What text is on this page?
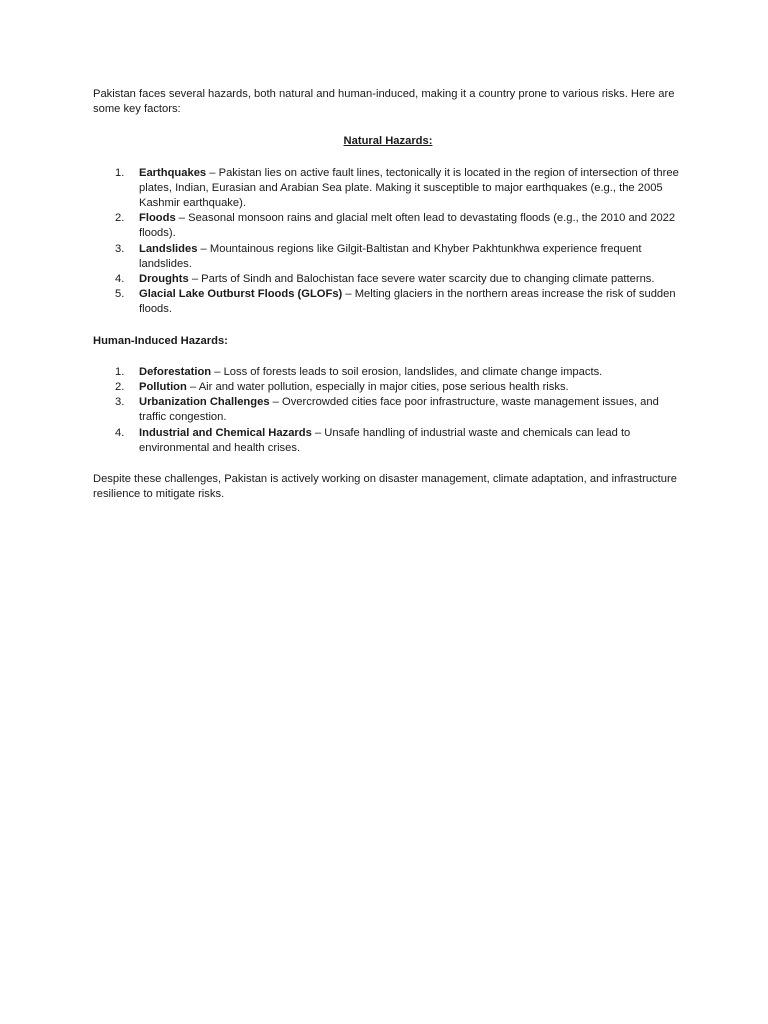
Pakistan faces several hazards, both natural and human-induced, making it a country prone to various risks. Here are some key factors:

Natural Hazards:

1. Earthquakes – Pakistan lies on active fault lines, tectonically it is located in the region of intersection of three plates, Indian, Eurasian and Arabian Sea plate. Making it susceptible to major earthquakes (e.g., the 2005 Kashmir earthquake).
2. Floods – Seasonal monsoon rains and glacial melt often lead to devastating floods (e.g., the 2010 and 2022 floods).
3. Landslides – Mountainous regions like Gilgit-Baltistan and Khyber Pakhtunkhwa experience frequent landslides.
4. Droughts – Parts of Sindh and Balochistan face severe water scarcity due to changing climate patterns.
5. Glacial Lake Outburst Floods (GLOFs) – Melting glaciers in the northern areas increase the risk of sudden floods.

Human-Induced Hazards:

1. Deforestation – Loss of forests leads to soil erosion, landslides, and climate change impacts.
2. Pollution – Air and water pollution, especially in major cities, pose serious health risks.
3. Urbanization Challenges – Overcrowded cities face poor infrastructure, waste management issues, and traffic congestion.
4. Industrial and Chemical Hazards – Unsafe handling of industrial waste and chemicals can lead to environmental and health crises.

Despite these challenges, Pakistan is actively working on disaster management, climate adaptation, and infrastructure resilience to mitigate risks.
